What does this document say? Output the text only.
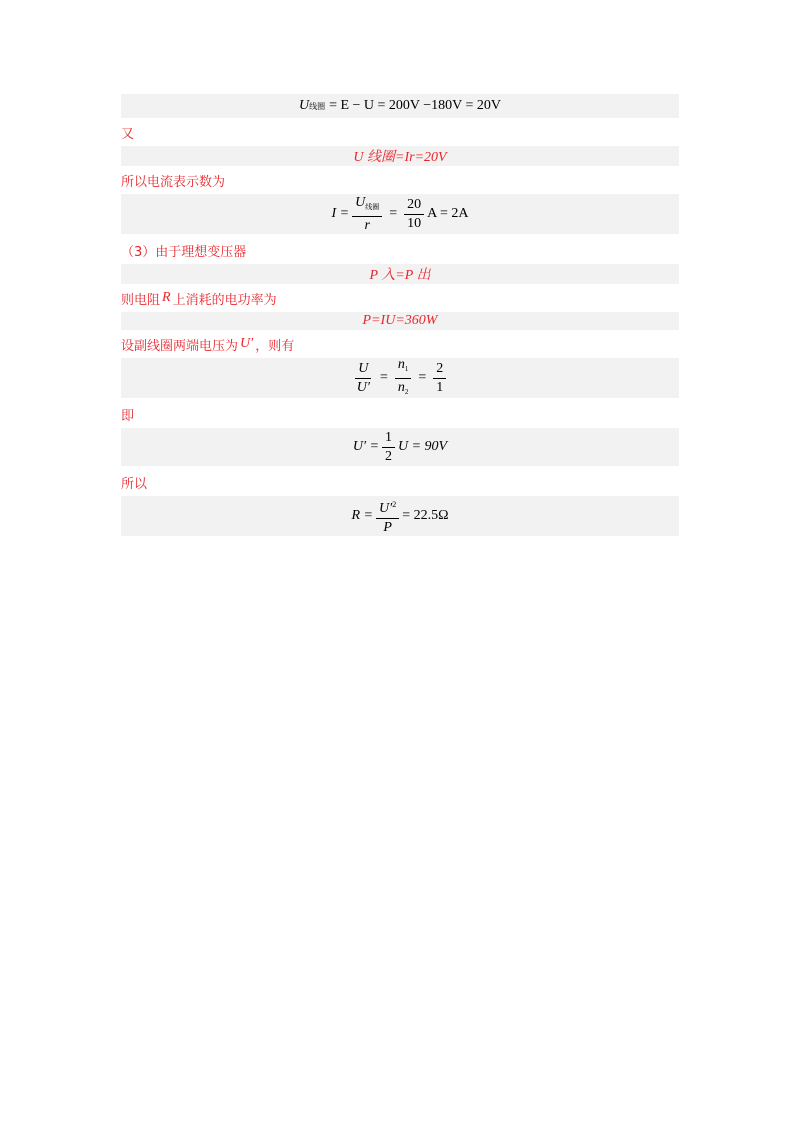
U 线圈 = E − U = 200V −180V = 20V
又
U 线圈=Ir=20V
所以电流表示数为
$I = \frac{U_{线圈}}{r} = \frac{20}{10}$ A = 2A
（3）由于理想变压器
P 入=P 出
则电阻 R 上消耗的电功率为
P=IU=360W
设副线圈两端电压为 U′ ，则有
$\frac{U}{U'} = \frac{n_1}{n_2} = \frac{2}{1}$
即
$U' = \frac{1}{2}$ U = 90V
所以
$R = \frac{U'^2}{P} = 22.5\Omega$
